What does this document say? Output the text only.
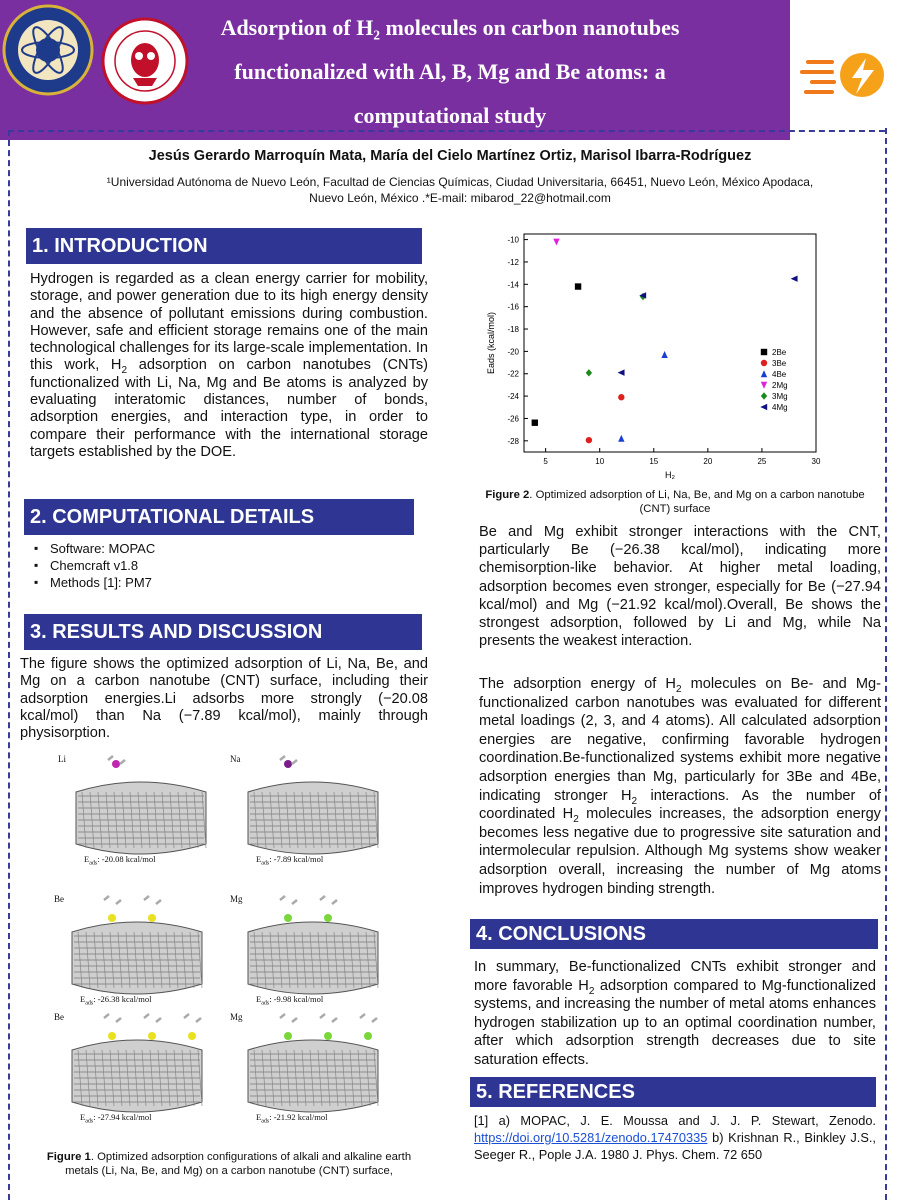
Adsorption of H₂ molecules on carbon nanotubes
functionalized with Al, B, Mg and Be atoms: a
computational study
Jesús Gerardo Marroquín Mata, María del Cielo Martínez Ortiz, Marisol Ibarra-Rodríguez
¹Universidad Autónoma de Nuevo León, Facultad de Ciencias Químicas, Ciudad Universitaria, 66451, Nuevo León, México Apodaca,
Nuevo León, México .*E-mail: mibarod_22@hotmail.com
1. INTRODUCTION
Hydrogen is regarded as a clean energy carrier for mobility, storage, and power generation due to its high energy density and the absence of pollutant emissions during combustion. However, safe and efficient storage remains one of the main technological challenges for its large-scale implementation. In this work, $H_2$ adsorption on carbon nanotubes (CNTs) functionalized with Li, Na, Mg and Be atoms is analyzed by evaluating interatomic distances, number of bonds, adsorption energies, and interaction type, in order to compare their performance with the international storage targets established by the DOE.
2. COMPUTATIONAL DETAILS
▪ Software: MOPAC
▪ Chemcraft v1.8
▪ Methods [1]: PM7
3. RESULTS AND DISCUSSION
The figure shows the optimized adsorption of Li, Na, Be, and Mg on a carbon nanotube (CNT) surface, including their adsorption energies.Li adsorbs more strongly (−20.08 kcal/mol) than Na (−7.89 kcal/mol), mainly through physisorption.
Li
$E_{ads}$: -20.08 kcal/mol
Na
$E_{ads}$: -7.89 kcal/mol
Be
$E_{ads}$: -26.38 kcal/mol
Mg
$E_{ads}$: -9.98 kcal/mol
Be
$E_{ads}$: -27.94 kcal/mol
Mg
$E_{ads}$: -21.92 kcal/mol
Figure 1. Optimized adsorption configurations of alkali and alkaline earth metals (Li, Na, Be, and Mg) on a carbon nanotube (CNT) surface,
5	10	15	20	25	30
-10
-12
-14
-16
-18
-20
-22
-24
-26
-28
H₂
Eads (kcal/mol)	2Be
3Be
4Be
2Mg
3Mg
4Mg
Figure 2. Optimized adsorption of Li, Na, Be, and Mg on a carbon nanotube (CNT) surface
Be and Mg exhibit stronger interactions with the CNT, particularly Be (−26.38 kcal/mol), indicating more chemisorption-like behavior. At higher metal loading, adsorption becomes even stronger, especially for Be (−27.94 kcal/mol) and Mg (−21.92 kcal/mol).Overall, Be shows the strongest adsorption, followed by Li and Mg, while Na presents the weakest interaction.
The adsorption energy of $H_2$ molecules on Be- and Mg-functionalized carbon nanotubes was evaluated for different metal loadings (2, 3, and 4 atoms). All calculated adsorption energies are negative, confirming favorable hydrogen coordination.Be-functionalized systems exhibit more negative adsorption energies than Mg, particularly for 3Be and 4Be, indicating stronger $H_2$ interactions. As the number of coordinated $H_2$ molecules increases, the adsorption energy becomes less negative due to progressive site saturation and intermolecular repulsion. Although Mg systems show weaker adsorption overall, increasing the number of Mg atoms improves hydrogen binding strength.
4. CONCLUSIONS
In summary, Be-functionalized CNTs exhibit stronger and more favorable $H_2$ adsorption compared to Mg-functionalized systems, and increasing the number of metal atoms enhances hydrogen stabilization up to an optimal coordination number, after which adsorption strength decreases due to site saturation effects.
5. REFERENCES
[1] a) MOPAC, J. E. Moussa and J. J. P. Stewart, Zenodo. https://doi.org/10.5281/zenodo.17470335 b) Krishnan R., Binkley J.S., Seeger R., Pople J.A. 1980 J. Phys. Chem. 72 650
